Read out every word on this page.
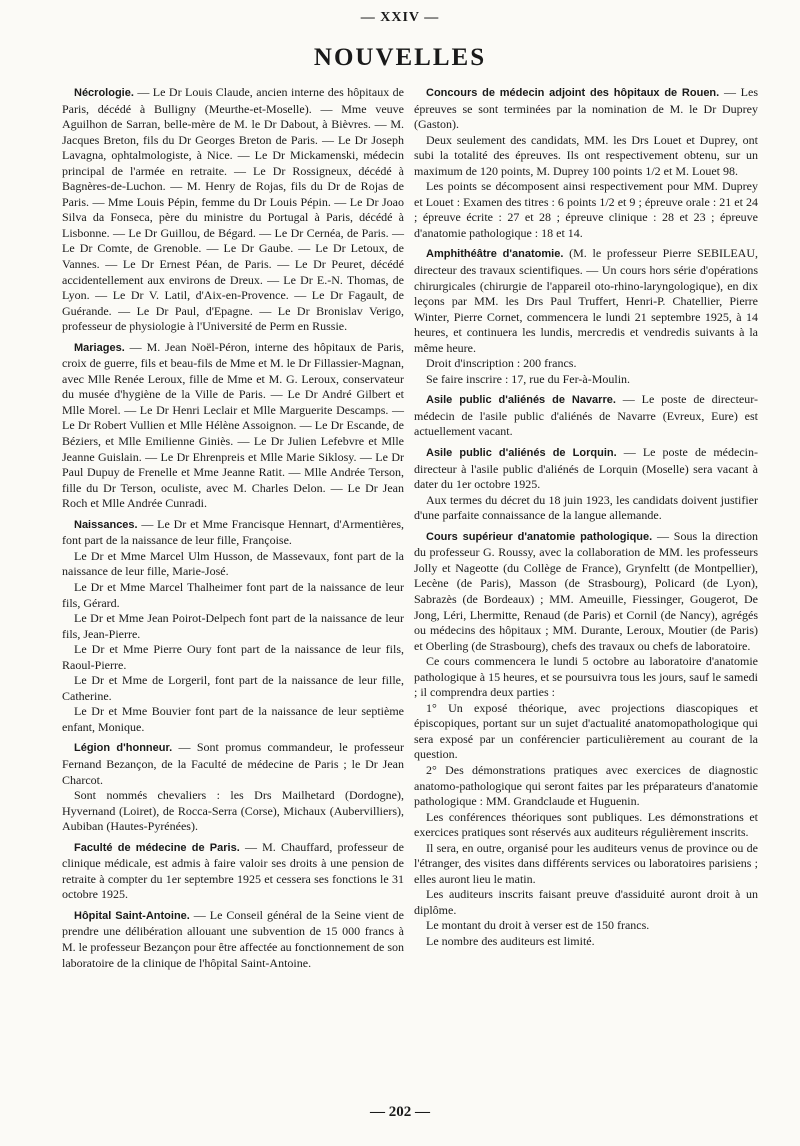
— XXIV —
NOUVELLES

Nécrologie. — Le Dr Louis Claude, ancien interne des hôpitaux de Paris, décédé à Bulligny (Meurthe-et-Moselle). — Mme veuve Aguilhon de Sarran, belle-mère de M. le Dr Dabout, à Bièvres. — M. Jacques Breton, fils du Dr Georges Breton de Paris. — Le Dr Joseph Lavagna, ophtalmologiste, à Nice. — Le Dr Mickamenski, médecin principal de l'armée en retraite. — Le Dr Rossigneux, décédé à Bagnères-de-Luchon. — M. Henry de Rojas, fils du Dr de Rojas de Paris. — Mme Louis Pépin, femme du Dr Louis Pépin. — Le Dr Joao Silva da Fonseca, père du ministre du Portugal à Paris, décédé à Lisbonne. — Le Dr Guillou, de Bégard. — Le Dr Cernéa, de Paris. — Le Dr Comte, de Grenoble. — Le Dr Gaube. — Le Dr Letoux, de Vannes. — Le Dr Ernest Péan, de Paris. — Le Dr Peuret, décédé accidentellement aux environs de Dreux. — Le Dr E.-N. Thomas, de Lyon. — Le Dr V. Latil, d'Aix-en-Provence. — Le Dr Fagault, de Guérande. — Le Dr Paul, d'Epagne. — Le Dr Bronislav Verigo, professeur de physiologie à l'Université de Perm en Russie.

Mariages. — M. Jean Noël-Péron, interne des hôpitaux de Paris, croix de guerre, fils et beau-fils de Mme et M. le Dr Fillassier-Magnan, avec Mlle Renée Leroux, fille de Mme et M. G. Leroux, conservateur du musée d'hygiène de la Ville de Paris. — Le Dr André Gilbert et Mlle Morel. — Le Dr Henri Leclair et Mlle Marguerite Descamps. — Le Dr Robert Vullien et Mlle Hélène Assoignon. — Le Dr Escande, de Béziers, et Mlle Emilienne Giniès. — Le Dr Julien Lefebvre et Mlle Jeanne Guislain. — Le Dr Ehrenpreis et Mlle Marie Siklosy. — Le Dr Paul Dupuy de Frenelle et Mme Jeanne Ratit. — Mlle Andrée Terson, fille du Dr Terson, oculiste, avec M. Charles Delon. — Le Dr Jean Roch et Mlle Andrée Cunradi.

Naissances. — Le Dr et Mme Francisque Hennart, d'Armentières, font part de la naissance de leur fille, Françoise.

Le Dr et Mme Marcel Ulm Husson, de Massevaux, font part de la naissance de leur fille, Marie-José.

Le Dr et Mme Marcel Thalheimer font part de la naissance de leur fils, Gérard.

Le Dr et Mme Jean Poirot-Delpech font part de la naissance de leur fils, Jean-Pierre.

Le Dr et Mme Pierre Oury font part de la naissance de leur fils, Raoul-Pierre.

Le Dr et Mme de Lorgeril, font part de la naissance de leur fille, Catherine.

Le Dr et Mme Bouvier font part de la naissance de leur septième enfant, Monique.

Légion d'honneur. — Sont promus commandeur, le professeur Fernand Bezançon, de la Faculté de médecine de Paris ; le Dr Jean Charcot.

Sont nommés chevaliers : les Drs Mailhetard (Dordogne), Hyvernand (Loiret), de Rocca-Serra (Corse), Michaux (Aubervilliers), Aubiban (Hautes-Pyrénées).

Faculté de médecine de Paris. — M. Chauffard, professeur de clinique médicale, est admis à faire valoir ses droits à une pension de retraite à compter du 1er septembre 1925 et cessera ses fonctions le 31 octobre 1925.

Hôpital Saint-Antoine. — Le Conseil général de la Seine vient de prendre une délibération allouant une subvention de 15 000 francs à M. le professeur Bezançon pour être affectée au fonctionnement de son laboratoire de la clinique de l'hôpital Saint-Antoine.

Concours de médecin adjoint des hôpitaux de Rouen. — Les épreuves se sont terminées par la nomination de M. le Dr Duprey (Gaston).

Deux seulement des candidats, MM. les Drs Louet et Duprey, ont subi la totalité des épreuves. Ils ont respectivement obtenu, sur un maximum de 120 points, M. Duprey 100 points 1/2 et M. Louet 98.

Les points se décomposent ainsi respectivement pour MM. Duprey et Louet : Examen des titres : 6 points 1/2 et 9 ; épreuve orale : 21 et 24 ; épreuve écrite : 27 et 28 ; épreuve clinique : 28 et 23 ; épreuve d'anatomie pathologique : 18 et 14.

Amphithéâtre d'anatomie. (M. le professeur Pierre SEBILEAU, directeur des travaux scientifiques. — Un cours hors série d'opérations chirurgicales (chirurgie de l'appareil oto-rhino-laryngologique), en dix leçons par MM. les Drs Paul Truffert, Henri-P. Chatellier, Pierre Winter, Pierre Cornet, commencera le lundi 21 septembre 1925, à 14 heures, et continuera les lundis, mercredis et vendredis suivants à la même heure.

Droit d'inscription : 200 francs.

Se faire inscrire : 17, rue du Fer-à-Moulin.

Asile public d'aliénés de Navarre. — Le poste de directeur-médecin de l'asile public d'aliénés de Navarre (Evreux, Eure) est actuellement vacant.

Asile public d'aliénés de Lorquin. — Le poste de médecin-directeur à l'asile public d'aliénés de Lorquin (Moselle) sera vacant à dater du 1er octobre 1925.

Aux termes du décret du 18 juin 1923, les candidats doivent justifier d'une parfaite connaissance de la langue allemande.

Cours supérieur d'anatomie pathologique. — Sous la direction du professeur G. Roussy, avec la collaboration de MM. les professeurs Jolly et Nageotte (du Collège de France), Grynfeltt (de Montpellier), Lecène (de Paris), Masson (de Strasbourg), Policard (de Lyon), Sabrazès (de Bordeaux) ; MM. Ameuille, Fiessinger, Gougerot, De Jong, Léri, Lhermitte, Renaud (de Paris) et Cornil (de Nancy), agrégés ou médecins des hôpitaux ; MM. Durante, Leroux, Moutier (de Paris) et Oberling (de Strasbourg), chefs des travaux ou chefs de laboratoire.

Ce cours commencera le lundi 5 octobre au laboratoire d'anatomie pathologique à 15 heures, et se poursuivra tous les jours, sauf le samedi ; il comprendra deux parties :

1° Un exposé théorique, avec projections diascopiques et épiscopiques, portant sur un sujet d'actualité anatomopathologique qui sera exposé par un conférencier particulièrement au courant de la question.

2° Des démonstrations pratiques avec exercices de diagnostic anatomo-pathologique qui seront faites par les préparateurs d'anatomie pathologique : MM. Grandclaude et Huguenin.

Les conférences théoriques sont publiques. Les démonstrations et exercices pratiques sont réservés aux auditeurs régulièrement inscrits.

Il sera, en outre, organisé pour les auditeurs venus de province ou de l'étranger, des visites dans différents services ou laboratoires parisiens ; elles auront lieu le matin.

Les auditeurs inscrits faisant preuve d'assiduité auront droit à un diplôme.

Le montant du droit à verser est de 150 francs.

Le nombre des auditeurs est limité.

— 202 —
